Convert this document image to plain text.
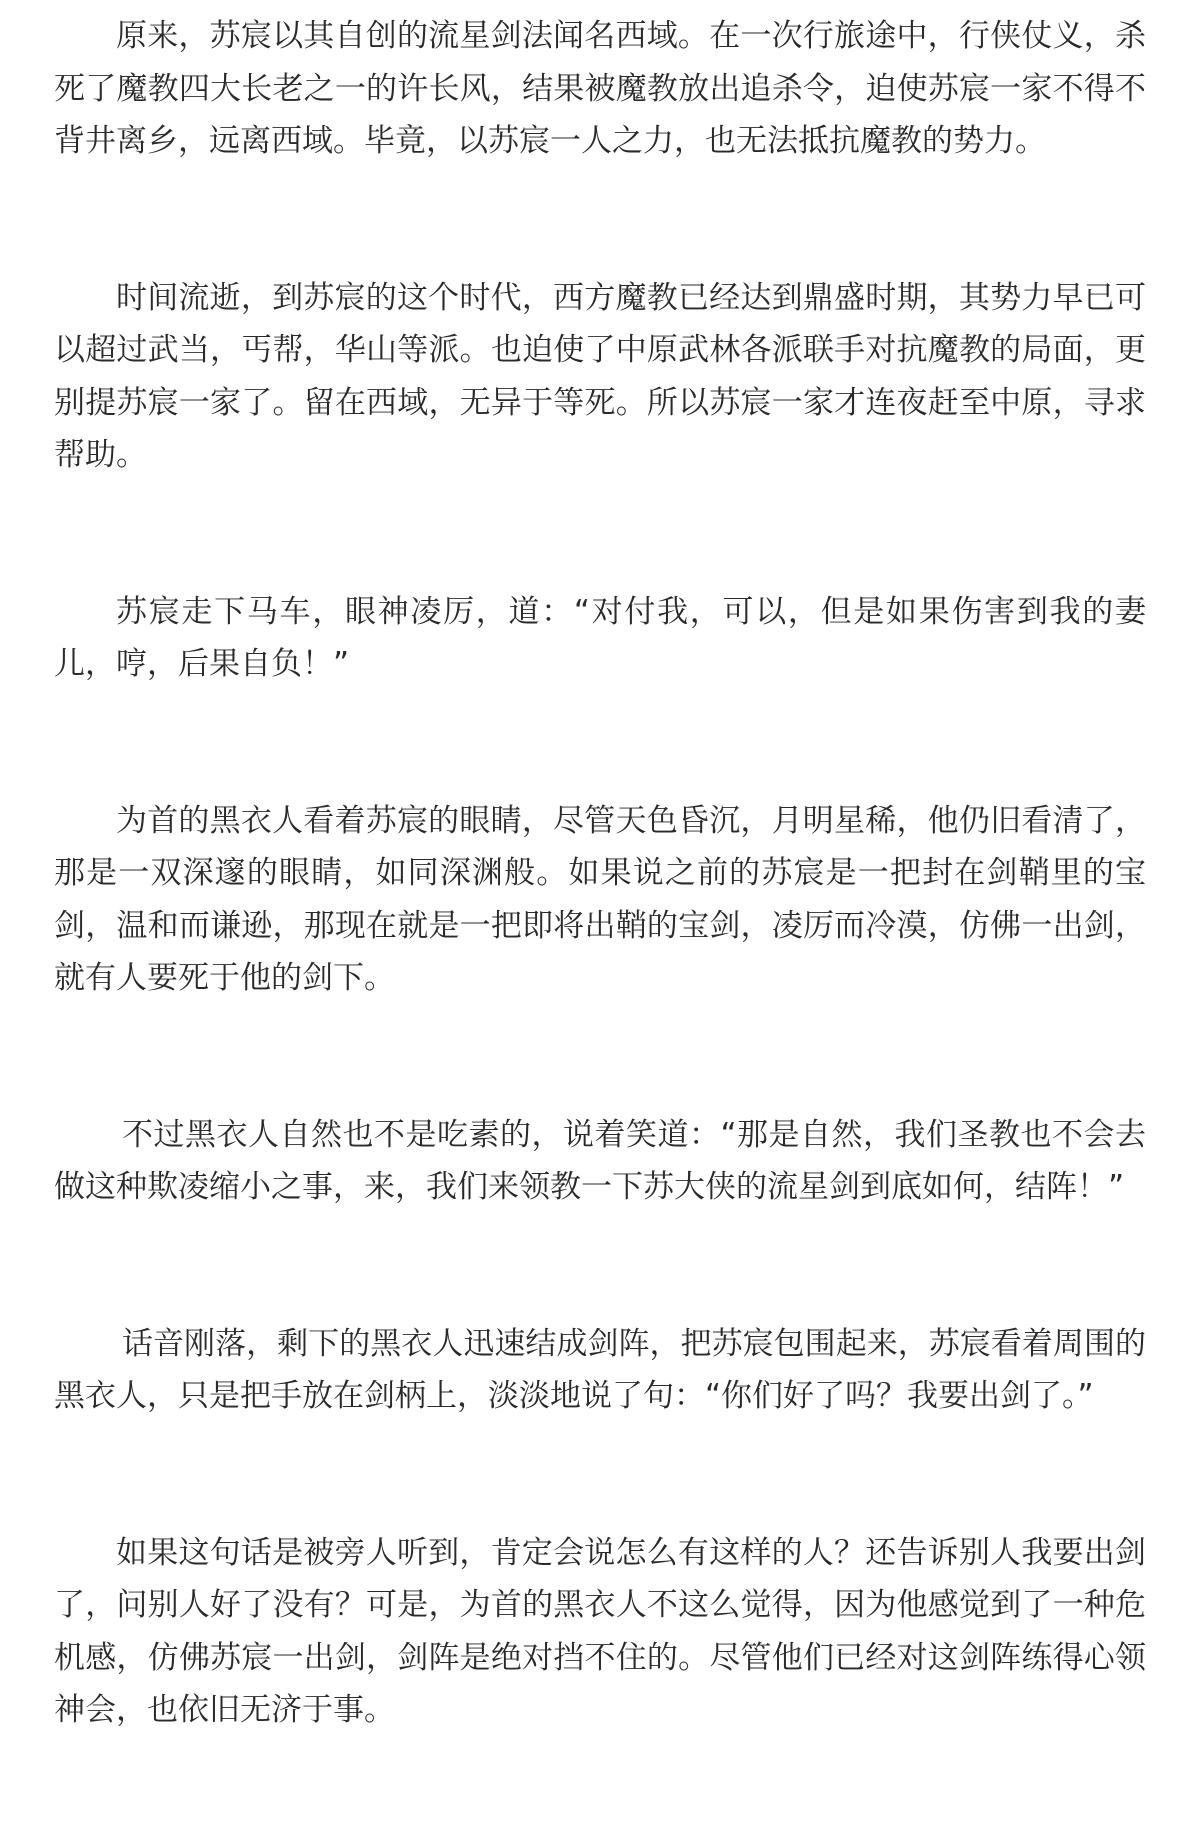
原来，苏宸以其自创的流星剑法闻名西域。在一次行旅途中，行侠仗义，杀死了魔教四大长老之一的许长风，结果被魔教放出追杀令，迫使苏宸一家不得不背井离乡，远离西域。毕竟，以苏宸一人之力，也无法抵抗魔教的势力。

时间流逝，到苏宸的这个时代，西方魔教已经达到鼎盛时期，其势力早已可以超过武当，丐帮，华山等派。也迫使了中原武林各派联手对抗魔教的局面，更别提苏宸一家了。留在西域，无异于等死。所以苏宸一家才连夜赶至中原，寻求帮助。

苏宸走下马车，眼神凌厉，道：“对付我，可以，但是如果伤害到我的妻儿，哼，后果自负！”

为首的黑衣人看着苏宸的眼睛，尽管天色昏沉，月明星稀，他仍旧看清了，那是一双深邃的眼睛，如同深渊般。如果说之前的苏宸是一把封在剑鞘里的宝剑，温和而谦逊，那现在就是一把即将出鞘的宝剑，凌厉而冷漠，仿佛一出剑，就有人要死于他的剑下。

不过黑衣人自然也不是吃素的，说着笑道：“那是自然，我们圣教也不会去做这种欺凌缩小之事，来，我们来领教一下苏大侠的流星剑到底如何，结阵！”

话音刚落，剩下的黑衣人迅速结成剑阵，把苏宸包围起来，苏宸看着周围的黑衣人，只是把手放在剑柄上，淡淡地说了句：“你们好了吗？我要出剑了。”

如果这句话是被旁人听到，肯定会说怎么有这样的人？还告诉别人我要出剑了，问别人好了没有？可是，为首的黑衣人不这么觉得，因为他感觉到了一种危机感，仿佛苏宸一出剑，剑阵是绝对挡不住的。尽管他们已经对这剑阵练得心领神会，也依旧无济于事。
